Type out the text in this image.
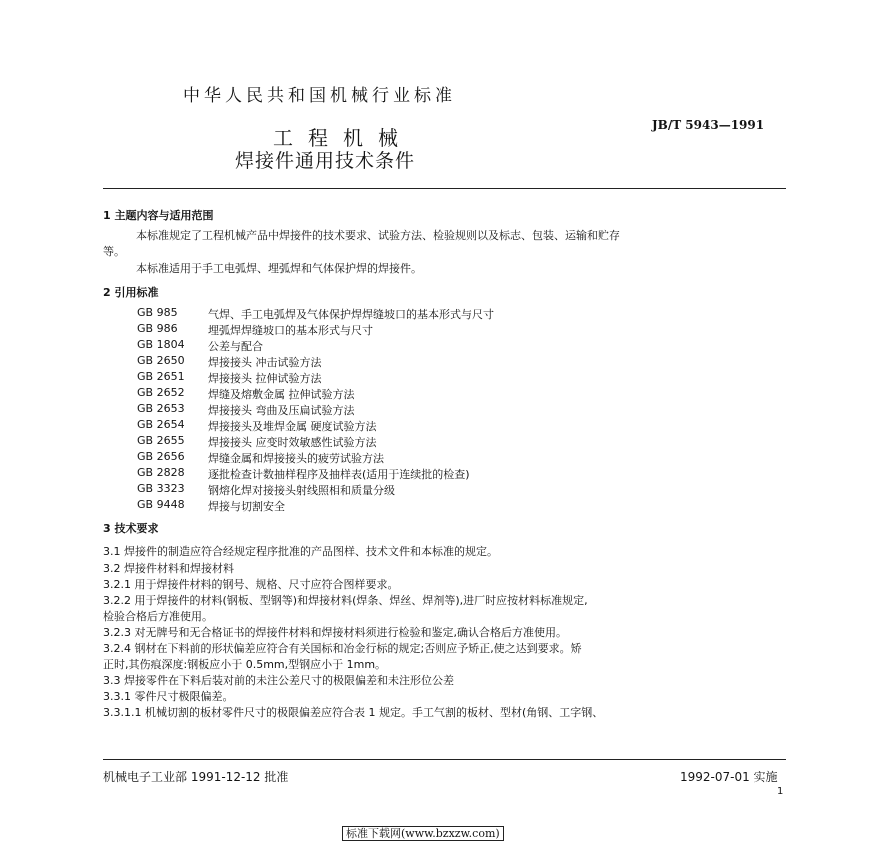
中华人民共和国机械行业标准
JB/T 5943—1991
工程机械
焊接件通用技术条件
1 主题内容与适用范围
本标准规定了工程机械产品中焊接件的技术要求、试验方法、检验规则以及标志、包装、运输和贮存
等。
本标准适用于手工电弧焊、埋弧焊和气体保护焊的焊接件。
2 引用标准
GB 985	气焊、手工电弧焊及气体保护焊焊缝坡口的基本形式与尺寸
GB 986	埋弧焊焊缝坡口的基本形式与尺寸
GB 1804 公差与配合
GB 2650 焊接接头 冲击试验方法
GB 2651 焊接接头 拉伸试验方法
GB 2652 焊缝及熔敷金属 拉伸试验方法
GB 2653 焊接接头 弯曲及压扁试验方法
GB 2654 焊接接头及堆焊金属 硬度试验方法
GB 2655 焊接接头 应变时效敏感性试验方法
GB 2656 焊缝金属和焊接接头的疲劳试验方法
GB 2828 逐批检查计数抽样程序及抽样表(适用于连续批的检查)
GB 3323 钢熔化焊对接接头射线照相和质量分级
GB 9448 焊接与切割安全
3 技术要求
3.1 焊接件的制造应符合经规定程序批准的产品图样、技术文件和本标准的规定。
3.2 焊接件材料和焊接材料
3.2.1 用于焊接件材料的钢号、规格、尺寸应符合图样要求。
3.2.2 用于焊接件的材料(钢板、型钢等)和焊接材料(焊条、焊丝、焊剂等),进厂时应按材料标准规定,
检验合格后方准使用。
3.2.3 对无牌号和无合格证书的焊接件材料和焊接材料须进行检验和鉴定,确认合格后方准使用。
3.2.4 钢材在下料前的形状偏差应符合有关国标和冶金行标的规定;否则应予矫正,使之达到要求。矫
正时,其伤痕深度:钢板应小于 0.5mm,型钢应小于 1mm。
3.3 焊接零件在下料后装对前的未注公差尺寸的极限偏差和未注形位公差
3.3.1 零件尺寸极限偏差。
3.3.1.1 机械切割的板材零件尺寸的极限偏差应符合表 1 规定。手工气割的板材、型材(角钢、工字钢、
机械电子工业部 1991-12-12 批准	1992-07-01 实施
1
标准下载网(www.bzxzw.com)
